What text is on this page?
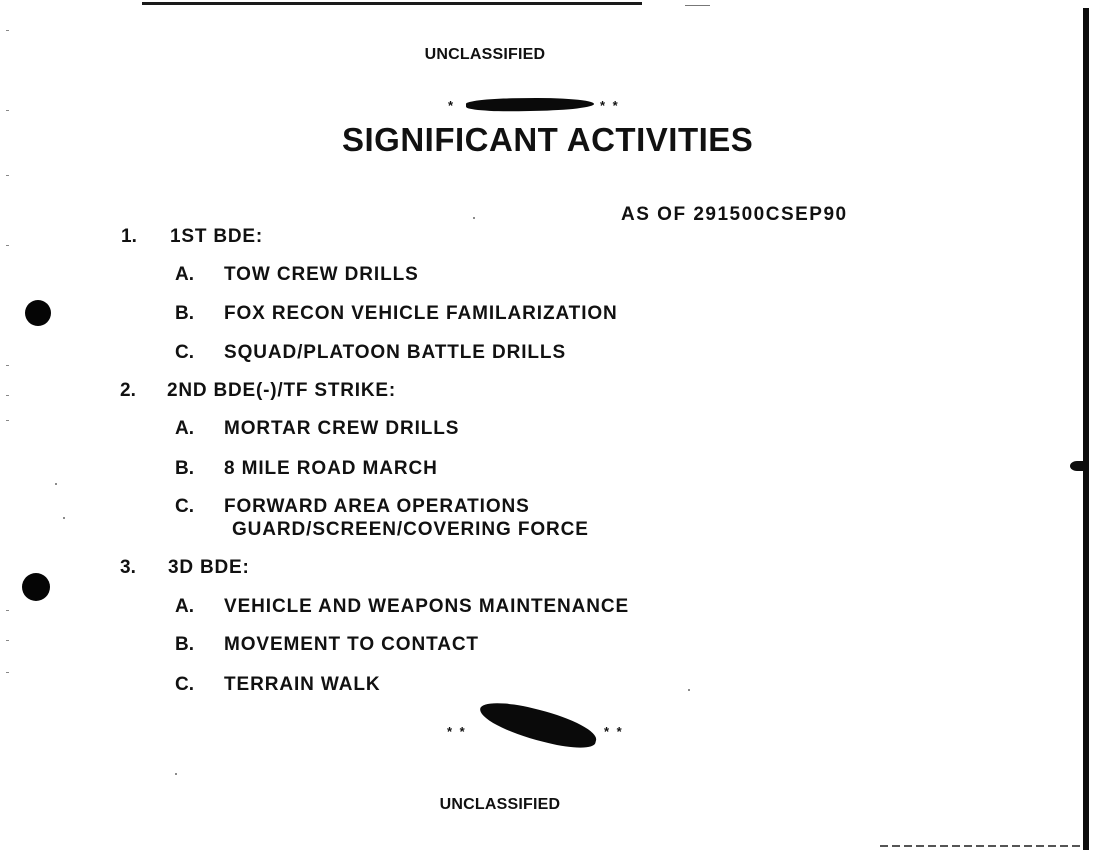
UNCLASSIFIED
*	* *
SIGNIFICANT ACTIVITIES
AS OF 291500CSEP90
1. 1ST BDE:
A. TOW CREW DRILLS
B. FOX RECON VEHICLE FAMILARIZATION
C. SQUAD/PLATOON BATTLE DRILLS
2. 2ND BDE(-)/TF STRIKE:
A. MORTAR CREW DRILLS
B. 8 MILE ROAD MARCH
C. FORWARD AREA OPERATIONS
GUARD/SCREEN/COVERING FORCE
3. 3D BDE:
A. VEHICLE AND WEAPONS MAINTENANCE
B. MOVEMENT TO CONTACT
C. TERRAIN WALK
* *	* *
UNCLASSIFIED
